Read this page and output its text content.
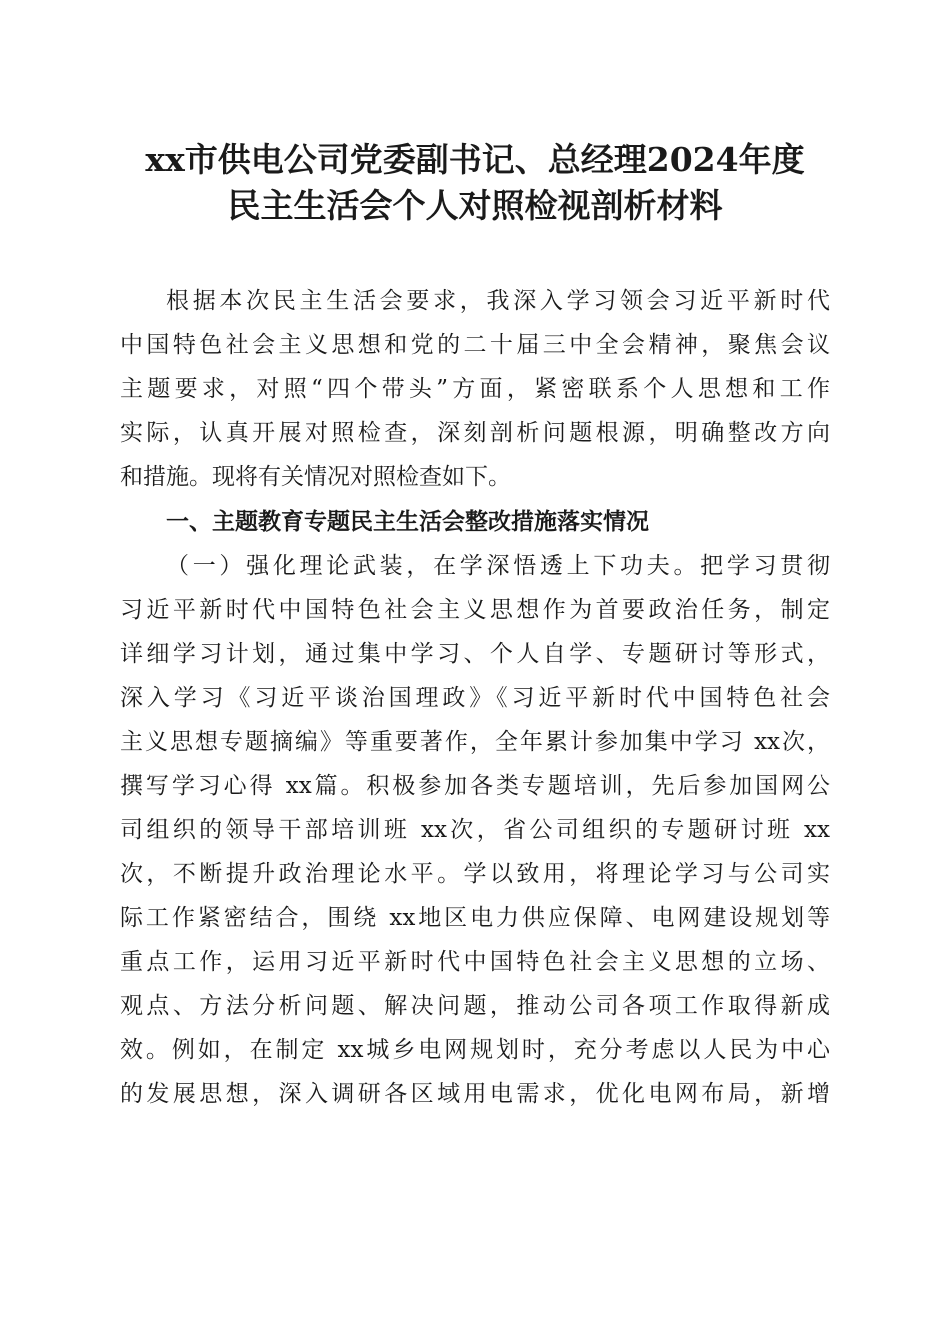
xx市供电公司党委副书记、总经理2024年度
民主生活会个人对照检视剖析材料

根据本次民主生活会要求，我深入学习领会习近平新时代

中国特色社会主义思想和党的二十届三中全会精神，聚焦会议

主题要求，对照“四个带头”方面，紧密联系个人思想和工作

实际，认真开展对照检查，深刻剖析问题根源，明确整改方向

和措施。现将有关情况对照检查如下。

一、主题教育专题民主生活会整改措施落实情况

（一）强化理论武装，在学深悟透上下功夫。把学习贯彻

习近平新时代中国特色社会主义思想作为首要政治任务，制定

详细学习计划，通过集中学习、个人自学、专题研讨等形式，

深入学习《习近平谈治国理政》《习近平新时代中国特色社会

主义思想专题摘编》等重要著作，全年累计参加集中学习 xx次，

撰写学习心得 xx篇。积极参加各类专题培训，先后参加国网公

司组织的领导干部培训班 xx次，省公司组织的专题研讨班 xx

次，不断提升政治理论水平。学以致用，将理论学习与公司实

际工作紧密结合，围绕 xx地区电力供应保障、电网建设规划等

重点工作，运用习近平新时代中国特色社会主义思想的立场、

观点、方法分析问题、解决问题，推动公司各项工作取得新成

效。例如，在制定 xx城乡电网规划时，充分考虑以人民为中心

的发展思想，深入调研各区域用电需求，优化电网布局，新增
